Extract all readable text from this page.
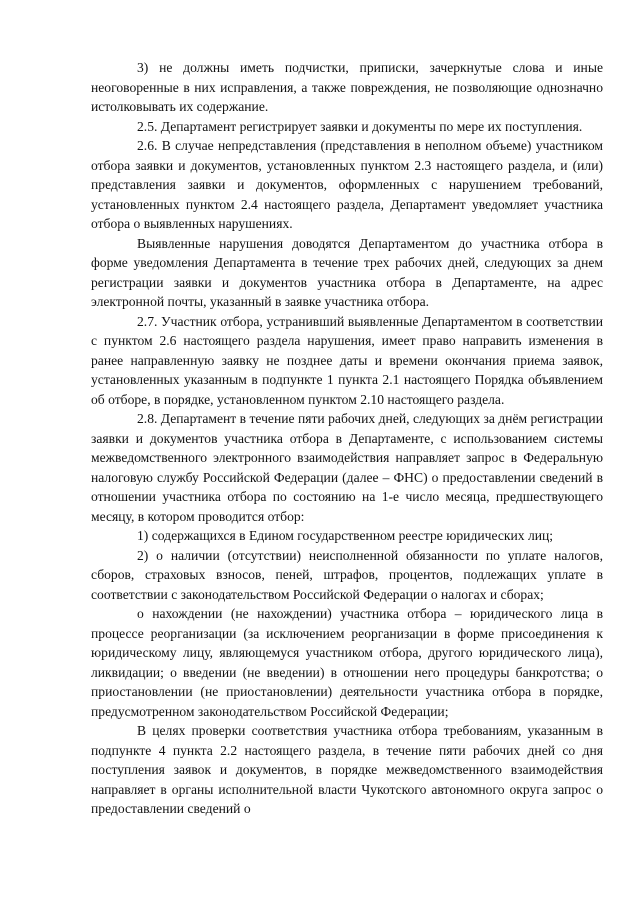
3) не должны иметь подчистки, приписки, зачеркнутые слова и иные неоговоренные в них исправления, а также повреждения, не позволяющие однозначно истолковывать их содержание.

2.5. Департамент регистрирует заявки и документы по мере их поступления.

2.6. В случае непредставления (представления в неполном объеме) участником отбора заявки и документов, установленных пунктом 2.3 настоящего раздела, и (или) представления заявки и документов, оформленных с нарушением требований, установленных пунктом 2.4 настоящего раздела, Департамент уведомляет участника отбора о выявленных нарушениях.

Выявленные нарушения доводятся Департаментом до участника отбора в форме уведомления Департамента в течение трех рабочих дней, следующих за днем регистрации заявки и документов участника отбора в Департаменте, на адрес электронной почты, указанный в заявке участника отбора.

2.7. Участник отбора, устранивший выявленные Департаментом в соответствии с пунктом 2.6 настоящего раздела нарушения, имеет право направить изменения в ранее направленную заявку не позднее даты и времени окончания приема заявок, установленных указанным в подпункте 1 пункта 2.1 настоящего Порядка объявлением об отборе, в порядке, установленном пунктом 2.10 настоящего раздела.

2.8. Департамент в течение пяти рабочих дней, следующих за днём регистрации заявки и документов участника отбора в Департаменте, с использованием системы межведомственного электронного взаимодействия направляет запрос в Федеральную налоговую службу Российской Федерации (далее – ФНС) о предоставлении сведений в отношении участника отбора по состоянию на 1-е число месяца, предшествующего месяцу, в котором проводится отбор:

1) содержащихся в Едином государственном реестре юридических лиц;

2) о наличии (отсутствии) неисполненной обязанности по уплате налогов, сборов, страховых взносов, пеней, штрафов, процентов, подлежащих уплате в соответствии с законодательством Российской Федерации о налогах и сборах;

о нахождении (не нахождении) участника отбора – юридического лица в процессе реорганизации (за исключением реорганизации в форме присоединения к юридическому лицу, являющемуся участником отбора, другого юридического лица), ликвидации; о введении (не введении) в отношении него процедуры банкротства; о приостановлении (не приостановлении) деятельности участника отбора в порядке, предусмотренном законодательством Российской Федерации;

В целях проверки соответствия участника отбора требованиям, указанным в подпункте 4 пункта 2.2 настоящего раздела, в течение пяти рабочих дней со дня поступления заявок и документов, в порядке межведомственного взаимодействия направляет в органы исполнительной власти Чукотского автономного округа запрос о предоставлении сведений о
